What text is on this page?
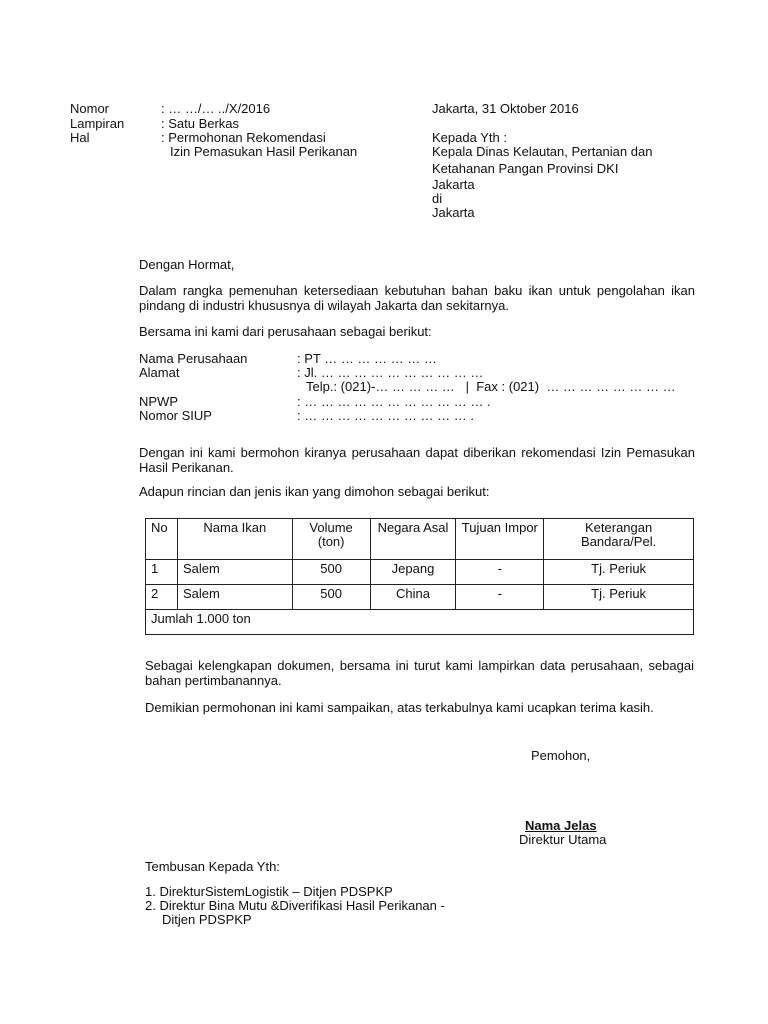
Nomor	: … …/… ../X/2016
Lampiran	: Satu Berkas
Hal	: Permohonan Rekomendasi
Izin Pemasukan Hasil Perikanan
Jakarta, 31 Oktober 2016
Kepada Yth :
Kepala Dinas Kelautan, Pertanian dan
Ketahanan Pangan Provinsi DKI
Jakarta
di
Jakarta
Dengan Hormat,
Dalam rangka pemenuhan ketersediaan kebutuhan bahan baku ikan untuk pengolahan ikan pindang di industri khususnya di wilayah Jakarta dan sekitarnya.
Bersama ini kami dari perusahaan sebagai berikut:
Nama Perusahaan	: PT … … … … … … …
Alamat	: Jl. … … … … … … … … … …
Telp.: (021)-… … … … …   |  Fax : (021)  … … … … … … … …
NPWP	: … … … … … … … … … … … .
Nomor SIUP	: … … … … … … … … … … .
Dengan ini kami bermohon kiranya perusahaan dapat diberikan rekomendasi Izin Pemasukan Hasil Perikanan.
Adapun rincian dan jenis ikan yang dimohon sebagai berikut:
No	Nama Ikan	Volume (ton)	Negara Asal	Tujuan Impor	Keterangan Bandara/Pel.
1	Salem	500	Jepang	-	Tj. Periuk
2	Salem	500	China	-	Tj. Periuk
Jumlah 1.000 ton					
Sebagai kelengkapan dokumen, bersama ini turut kami lampirkan data perusahaan, sebagai bahan pertimbanannya.
Demikian permohonan ini kami sampaikan, atas terkabulnya kami ucapkan terima kasih.
Pemohon,
Nama Jelas
Direktur Utama
Tembusan Kepada Yth:
1. DirekturSistemLogistik – Ditjen PDSPKP
2. Direktur Bina Mutu &Diverifikasi Hasil Perikanan -
Ditjen PDSPKP
